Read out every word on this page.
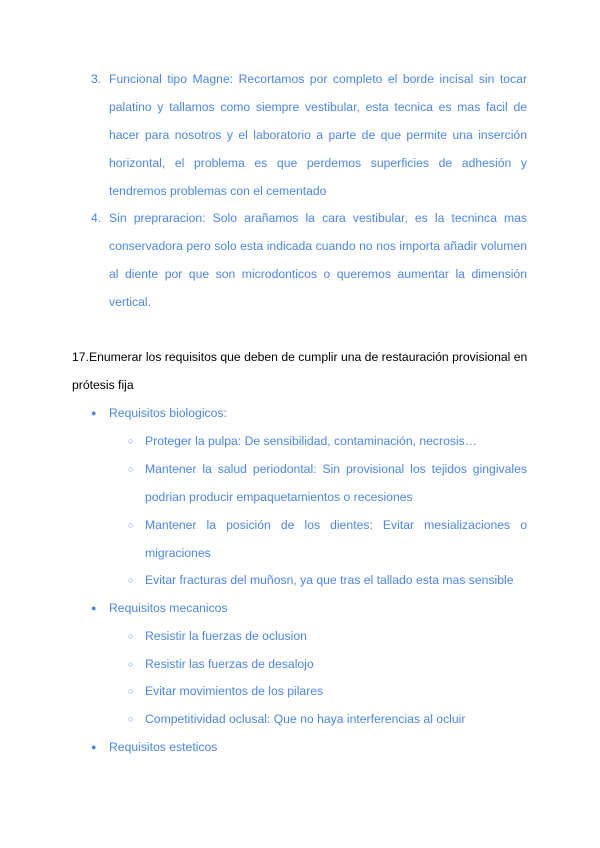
3. Funcional tipo Magne: Recortamos por completo el borde incisal sin tocar palatino y tallamos como siempre vestibular, esta tecnica es mas facil de hacer para nosotros y el laboratorio a parte de que permite una inserción horizontal, el problema es que perdemos superficies de adhesión y tendremos problemas con el cementado
4. Sin prepraracion: Solo arañamos la cara vestibular, es la tecninca mas conservadora pero solo esta indicada cuando no nos importa añadir volumen al diente por que son microdonticos o queremos aumentar la dimensión vertical.
17.Enumerar los requisitos que deben de cumplir una de restauración provisional en prótesis fija
● Requisitos biologicos:
○ Proteger la pulpa: De sensibilidad, contaminación, necrosis…
○ Mantener la salud periodontal: Sin provisional los tejidos gingivales podrian producir empaquetamientos o recesiones
○ Mantener la posición de los dientes: Evitar mesializaciones o migraciones
○ Evitar fracturas del muñosn, ya que tras el tallado esta mas sensible
● Requisitos mecanicos
○ Resistir la fuerzas de oclusion
○ Resistir las fuerzas de desalojo
○ Evitar movimientos de los pilares
○ Competitividad oclusal: Que no haya interferencias al ocluir
● Requisitos esteticos
